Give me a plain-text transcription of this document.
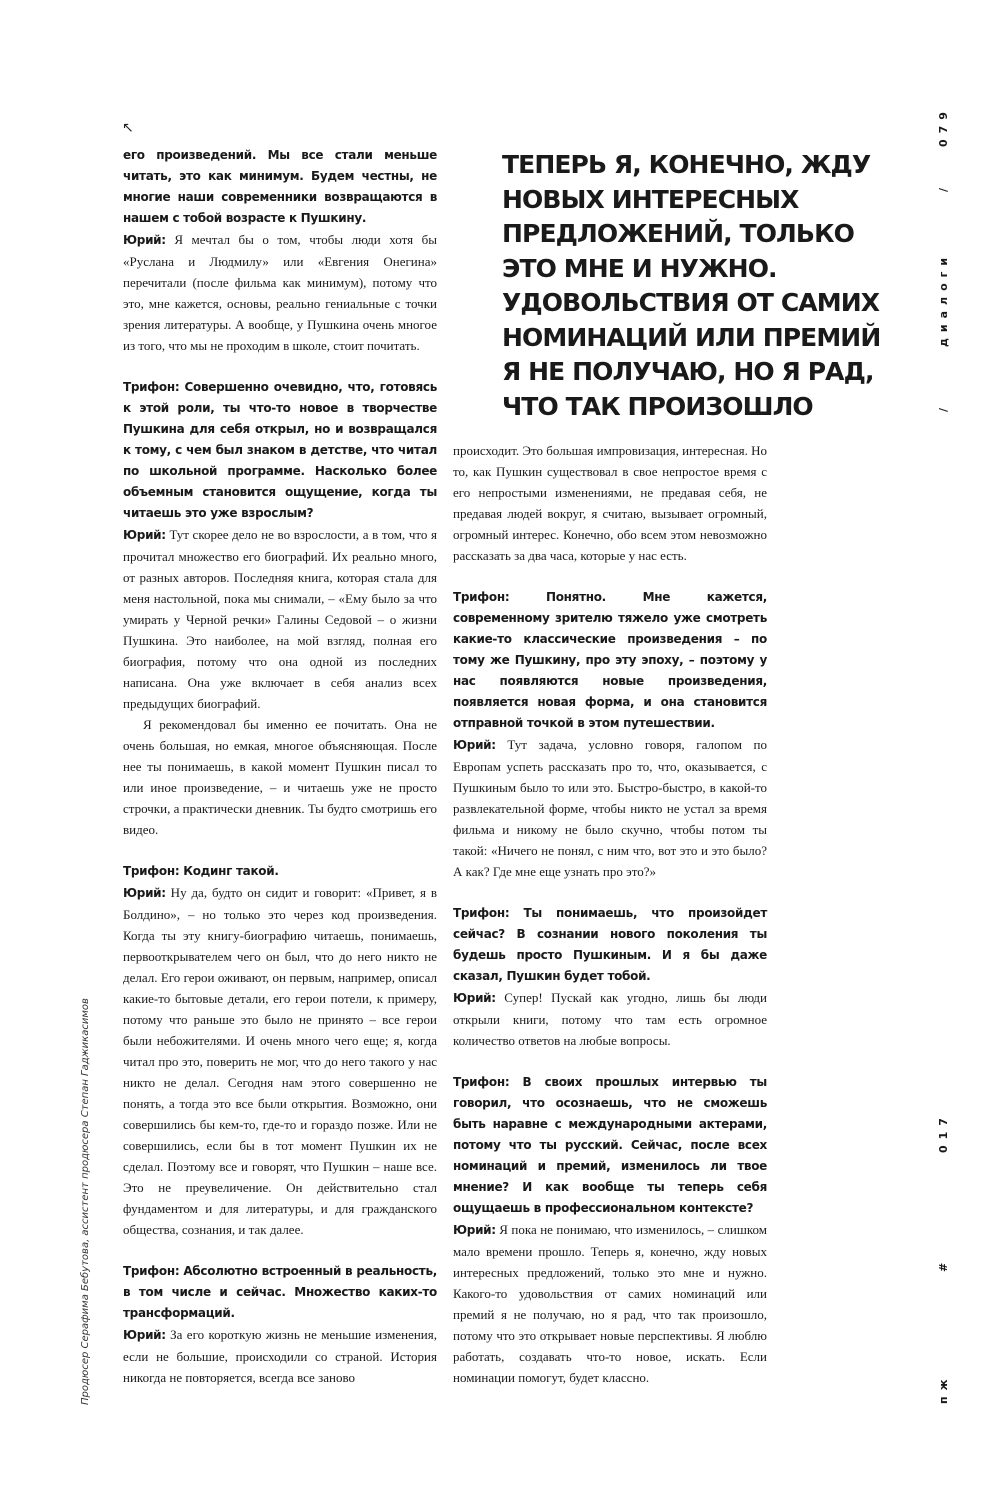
↖

его произведений. Мы все стали меньше читать, это как минимум. Будем честны, не многие наши современники возвращаются в нашем с тобой возрасте к Пушкину.

Юрий: Я мечтал бы о том, чтобы люди хотя бы «Руслана и Людмилу» или «Евгения Онегина» перечитали (после фильма как минимум), потому что это, мне кажется, основы, реально гениальные с точки зрения литературы. А вообще, у Пушкина очень многое из того, что мы не проходим в школе, стоит почитать.

Трифон: Совершенно очевидно, что, готовясь к этой роли, ты что-то новое в творчестве Пушкина для себя открыл, но и возвращался к тому, с чем был знаком в детстве, что читал по школьной программе. Насколько более объемным становится ощущение, когда ты читаешь это уже взрослым?

Юрий: Тут скорее дело не во взрослости, а в том, что я прочитал множество его биографий. Их реально много, от разных авторов. Последняя книга, которая стала для меня настольной, пока мы снимали, – «Ему было за что умирать у Черной речки» Галины Седовой – о жизни Пушкина. Это наиболее, на мой взгляд, полная его биография, потому что она одной из последних написана. Она уже включает в себя анализ всех предыдущих биографий.

Я рекомендовал бы именно ее почитать. Она не очень большая, но емкая, многое объясняющая. После нее ты понимаешь, в какой момент Пушкин писал то или иное произведение, – и читаешь уже не просто строчки, а практически дневник. Ты будто смотришь его видео.

Трифон: Кодинг такой.

Юрий: Ну да, будто он сидит и говорит: «Привет, я в Болдино», – но только это через код произведения. Когда ты эту книгу-биографию читаешь, понимаешь, первооткрывателем чего он был, что до него никто не делал. Его герои оживают, он первым, например, описал какие-то бытовые детали, его герои потели, к примеру, потому что раньше это было не принято – все герои были небожителями. И очень много чего еще; я, когда читал про это, поверить не мог, что до него такого у нас никто не делал. Сегодня нам этого совершенно не понять, а тогда это все были открытия. Возможно, они совершились бы кем-то, где-то и гораздо позже. Или не совершились, если бы в тот момент Пушкин их не сделал. Поэтому все и говорят, что Пушкин – наше все. Это не преувеличение. Он действительно стал фундаментом и для литературы, и для гражданского общества, сознания, и так далее.

Трифон: Абсолютно встроенный в реальность, в том числе и сейчас. Множество каких-то трансформаций.

Юрий: За его короткую жизнь не меньшие изменения, если не большие, происходили со страной. История никогда не повторяется, всегда все заново

ТЕПЕРЬ Я, КОНЕЧНО, ЖДУ НОВЫХ ИНТЕРЕСНЫХ ПРЕДЛОЖЕНИЙ, ТОЛЬКО ЭТО МНЕ И НУЖНО. УДОВОЛЬСТВИЯ ОТ САМИХ НОМИНАЦИЙ ИЛИ ПРЕМИЙ Я НЕ ПОЛУЧАЮ, НО Я РАД, ЧТО ТАК ПРОИЗОШЛО

происходит. Это большая импровизация, интересная. Но то, как Пушкин существовал в свое непростое время с его непростыми изменениями, не предавая себя, не предавая людей вокруг, я считаю, вызывает огромный, огромный интерес. Конечно, обо всем этом невозможно рассказать за два часа, которые у нас есть.

Трифон: Понятно. Мне кажется, современному зрителю тяжело уже смотреть какие-то классические произведения – по тому же Пушкину, про эту эпоху, – поэтому у нас появляются новые произведения, появляется новая форма, и она становится отправной точкой в этом путешествии.

Юрий: Тут задача, условно говоря, галопом по Европам успеть рассказать про то, что, оказывается, с Пушкиным было то или это. Быстро-быстро, в какой-то развлекательной форме, чтобы никто не устал за время фильма и никому не было скучно, чтобы потом ты такой: «Ничего не понял, с ним что, вот это и это было? А как? Где мне еще узнать про это?»

Трифон: Ты понимаешь, что произойдет сейчас? В сознании нового поколения ты будешь просто Пушкиным. И я бы даже сказал, Пушкин будет тобой.

Юрий: Супер! Пускай как угодно, лишь бы люди открыли книги, потому что там есть огромное количество ответов на любые вопросы.

Трифон: В своих прошлых интервью ты говорил, что осознаешь, что не сможешь быть наравне с международными актерами, потому что ты русский. Сейчас, после всех номинаций и премий, изменилось ли твое мнение? И как вообще ты теперь себя ощущаешь в профессиональном контексте?

Юрий: Я пока не понимаю, что изменилось, – слишком мало времени прошло. Теперь я, конечно, жду новых интересных предложений, только это мне и нужно. Какого-то удовольствия от самих номинаций или премий я не получаю, но я рад, что так произошло, потому что это открывает новые перспективы. Я люблю работать, создавать что-то новое, искать. Если номинации помогут, будет классно.

Продюсер Серафима Бебутова, ассистент продюсера Степан Гаджикасимов
079
/
диалоги
/
017
#
пж
